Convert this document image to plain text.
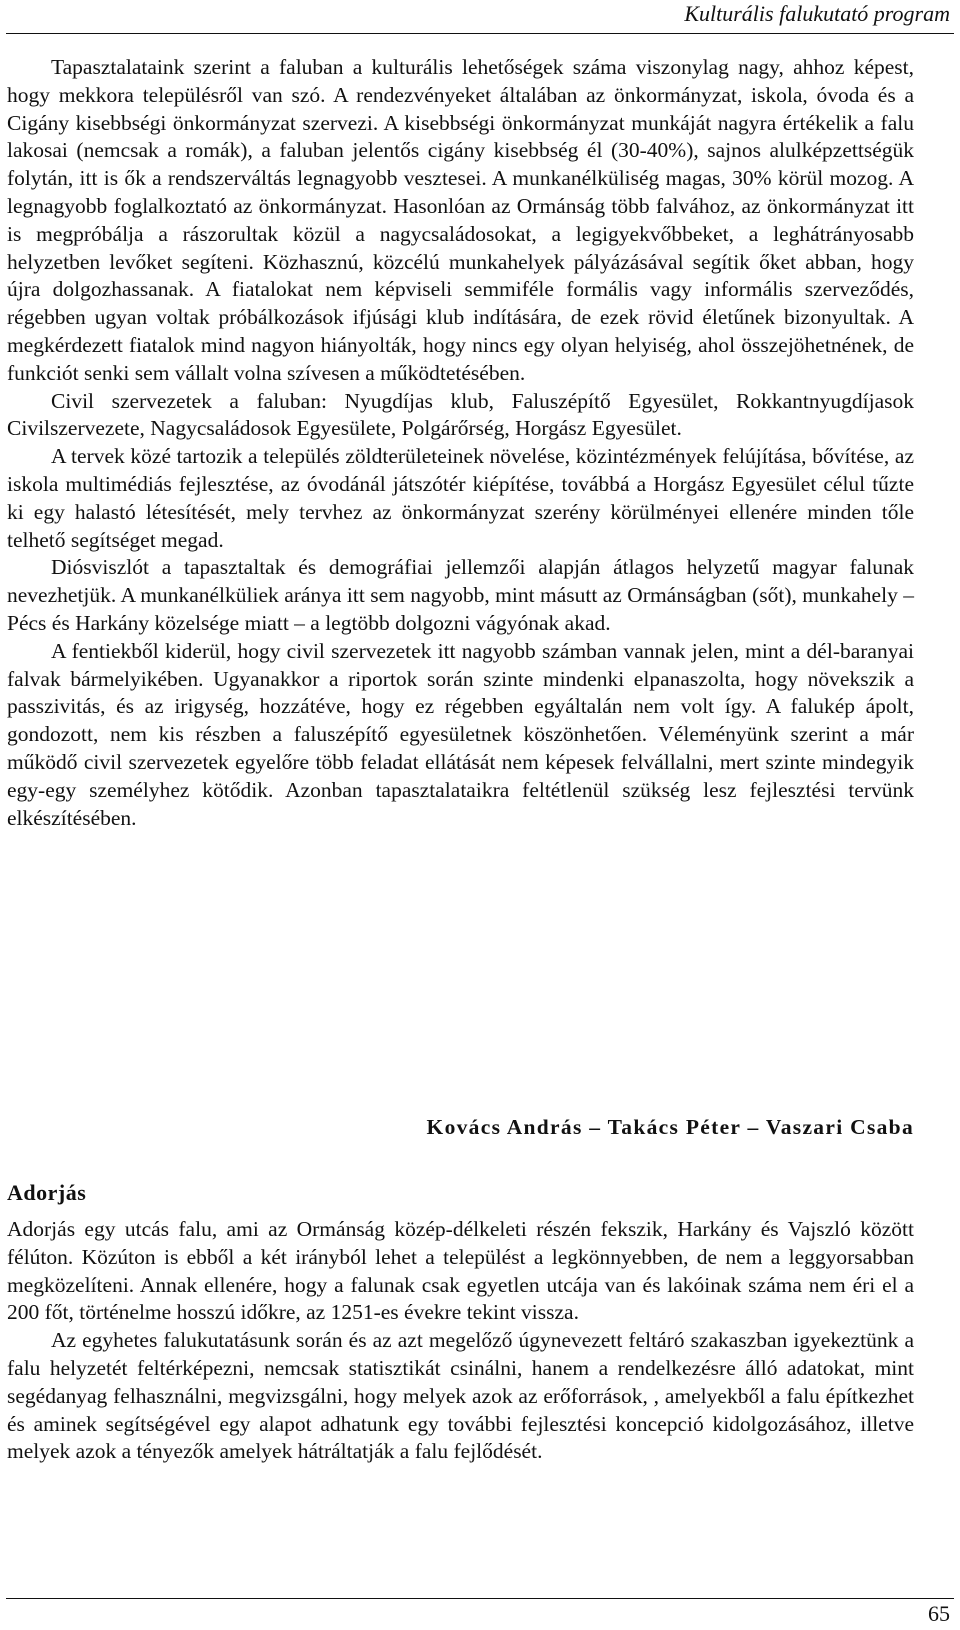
Kulturális falukutató program

Tapasztalataink szerint a faluban a kulturális lehetőségek száma viszonylag nagy, ahhoz képest, hogy mekkora településről van szó. A rendezvényeket általában az önkormányzat, iskola, óvoda és a Cigány kisebbségi önkormányzat szervezi. A kisebbségi önkormányzat munkáját nagyra értékelik a falu lakosai (nemcsak a romák), a faluban jelentős cigány kisebbség él (30-40%), sajnos alulképzettségük folytán, itt is ők a rendszerváltás legnagyobb vesztesei. A munkanélküliség magas, 30% körül mozog. A legnagyobb foglalkoztató az önkormányzat. Hasonlóan az Ormánság több falvához, az önkormányzat itt is megpróbálja a rászorultak közül a nagycsaládosokat, a legigyekvőbbeket, a leghátrányosabb helyzetben levőket segíteni. Közhasznú, közcélú munkahelyek pályázásával segítik őket abban, hogy újra dolgozhassanak. A fiatalokat nem képviseli semmiféle formális vagy informális szerveződés, régebben ugyan voltak próbálkozások ifjúsági klub indítására, de ezek rövid életűnek bizonyultak. A megkérdezett fiatalok mind nagyon hiányolták, hogy nincs egy olyan helyiség, ahol összejöhetnének, de funkciót senki sem vállalt volna szívesen a működtetésében.

Civil szervezetek a faluban: Nyugdíjas klub, Faluszépítő Egyesület, Rokkantnyugdíjasok Civilszervezete, Nagycsaládosok Egyesülete, Polgárőrség, Horgász Egyesület.

A tervek közé tartozik a település zöldterületeinek növelése, közintézmények felújítása, bővítése, az iskola multimédiás fejlesztése, az óvodánál játszótér kiépítése, továbbá a Horgász Egyesület célul tűzte ki egy halastó létesítését, mely tervhez az önkormányzat szerény körülményei ellenére minden tőle telhető segítséget megad.

Diósviszlót a tapasztaltak és demográfiai jellemzői alapján átlagos helyzetű magyar falunak nevezhetjük. A munkanélküliek aránya itt sem nagyobb, mint másutt az Ormánságban (sőt), munkahely – Pécs és Harkány közelsége miatt – a legtöbb dolgozni vágyónak akad.

A fentiekből kiderül, hogy civil szervezetek itt nagyobb számban vannak jelen, mint a dél-baranyai falvak bármelyikében. Ugyanakkor a riportok során szinte mindenki elpanaszolta, hogy növekszik a passzivitás, és az irigység, hozzátéve, hogy ez régebben egyáltalán nem volt így. A falukép ápolt, gondozott, nem kis részben a faluszépítő egyesületnek köszönhetően. Véleményünk szerint a már működő civil szervezetek egyelőre több feladat ellátását nem képesek felvállalni, mert szinte mindegyik egy-egy személyhez kötődik. Azonban tapasztalataikra feltétlenül szükség lesz fejlesztési tervünk elkészítésében.

Kovács András – Takács Péter – Vaszari Csaba
Adorjás

Adorjás egy utcás falu, ami az Ormánság közép-délkeleti részén fekszik, Harkány és Vajszló között félúton. Közúton is ebből a két irányból lehet a települést a legkönnyebben, de nem a leggyorsabban megközelíteni. Annak ellenére, hogy a falunak csak egyetlen utcája van és lakóinak száma nem éri el a 200 főt, történelme hosszú időkre, az 1251-es évekre tekint vissza.

Az egyhetes falukutatásunk során és az azt megelőző úgynevezett feltáró szakaszban igyekeztünk a falu helyzetét feltérképezni, nemcsak statisztikát csinálni, hanem a rendelkezésre álló adatokat, mint segédanyag felhasználni, megvizsgálni, hogy melyek azok az erőforrások, , amelyekből a falu építkezhet és aminek segítségével egy alapot adhatunk egy további fejlesztési koncepció kidolgozásához, illetve melyek azok a tényezők amelyek hátráltatják a falu fejlődését.

65
